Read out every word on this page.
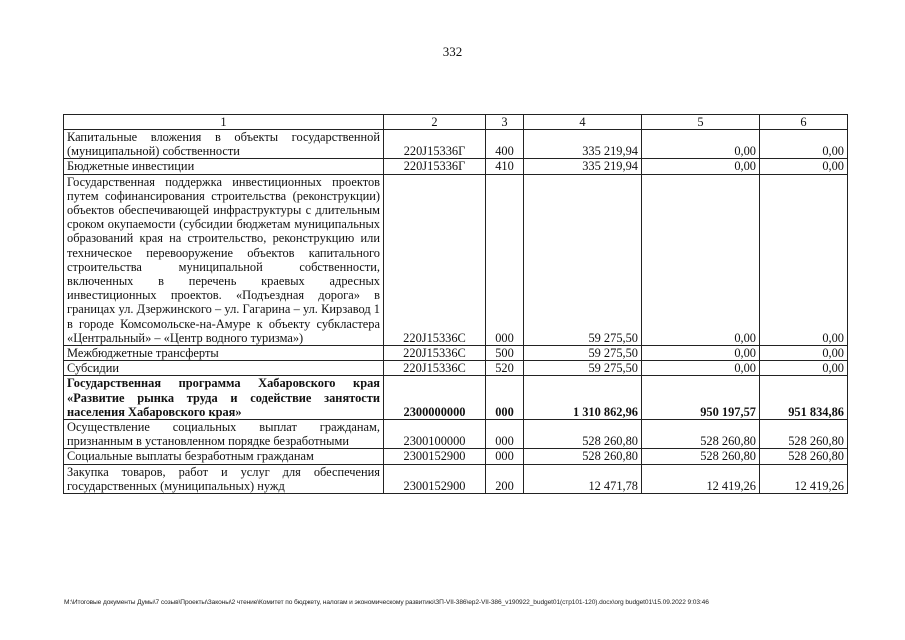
332
1	2	3	4	5	6
Капитальные вложения в объекты государственной (муниципальной) собственности	220J15336Г	400	335 219,94	0,00	0,00
Бюджетные инвестиции	220J15336Г	410	335 219,94	0,00	0,00
Государственная поддержка инвестиционных проектов путем софинансирования строительства (реконструкции) объектов обеспечивающей инфраструктуры с длительным сроком окупаемости (субсидии бюджетам муниципальных образований края на строительство, реконструкцию или техническое перевооружение объектов капитального строительства муниципальной собственности, включенных в перечень краевых адресных инвестиционных проектов. «Подъездная дорога» в границах ул. Дзержинского – ул. Гагарина – ул. Кирзавод 1 в городе Комсомольске-на-Амуре к объекту субкластера «Центральный» – «Центр водного туризма»)	220J15336С	000	59 275,50	0,00	0,00
Межбюджетные трансферты	220J15336С	500	59 275,50	0,00	0,00
Субсидии	220J15336С	520	59 275,50	0,00	0,00
Государственная программа Хабаровского края «Развитие рынка труда и содействие занятости населения Хабаровского края»	2300000000	000	1 310 862,96	950 197,57	951 834,86
Осуществление социальных выплат гражданам, признанным в установленном порядке безработными	2300100000	000	528 260,80	528 260,80	528 260,80
Социальные выплаты безработным гражданам	2300152900	000	528 260,80	528 260,80	528 260,80
Закупка товаров, работ и услуг для обеспечения государственных (муниципальных) нужд	2300152900	200	12 471,78	12 419,26	12 419,26
M:\Итоговые документы Думы\7 созыв\Проекты\Законы\2 чтение\Комитет по бюджету, налогам и экономическому развитию\ЗП-VII-386\ep2-VII-386_v190922_budget01(стр101-120).docx\org budget01\15.09.2022 9:03:46
